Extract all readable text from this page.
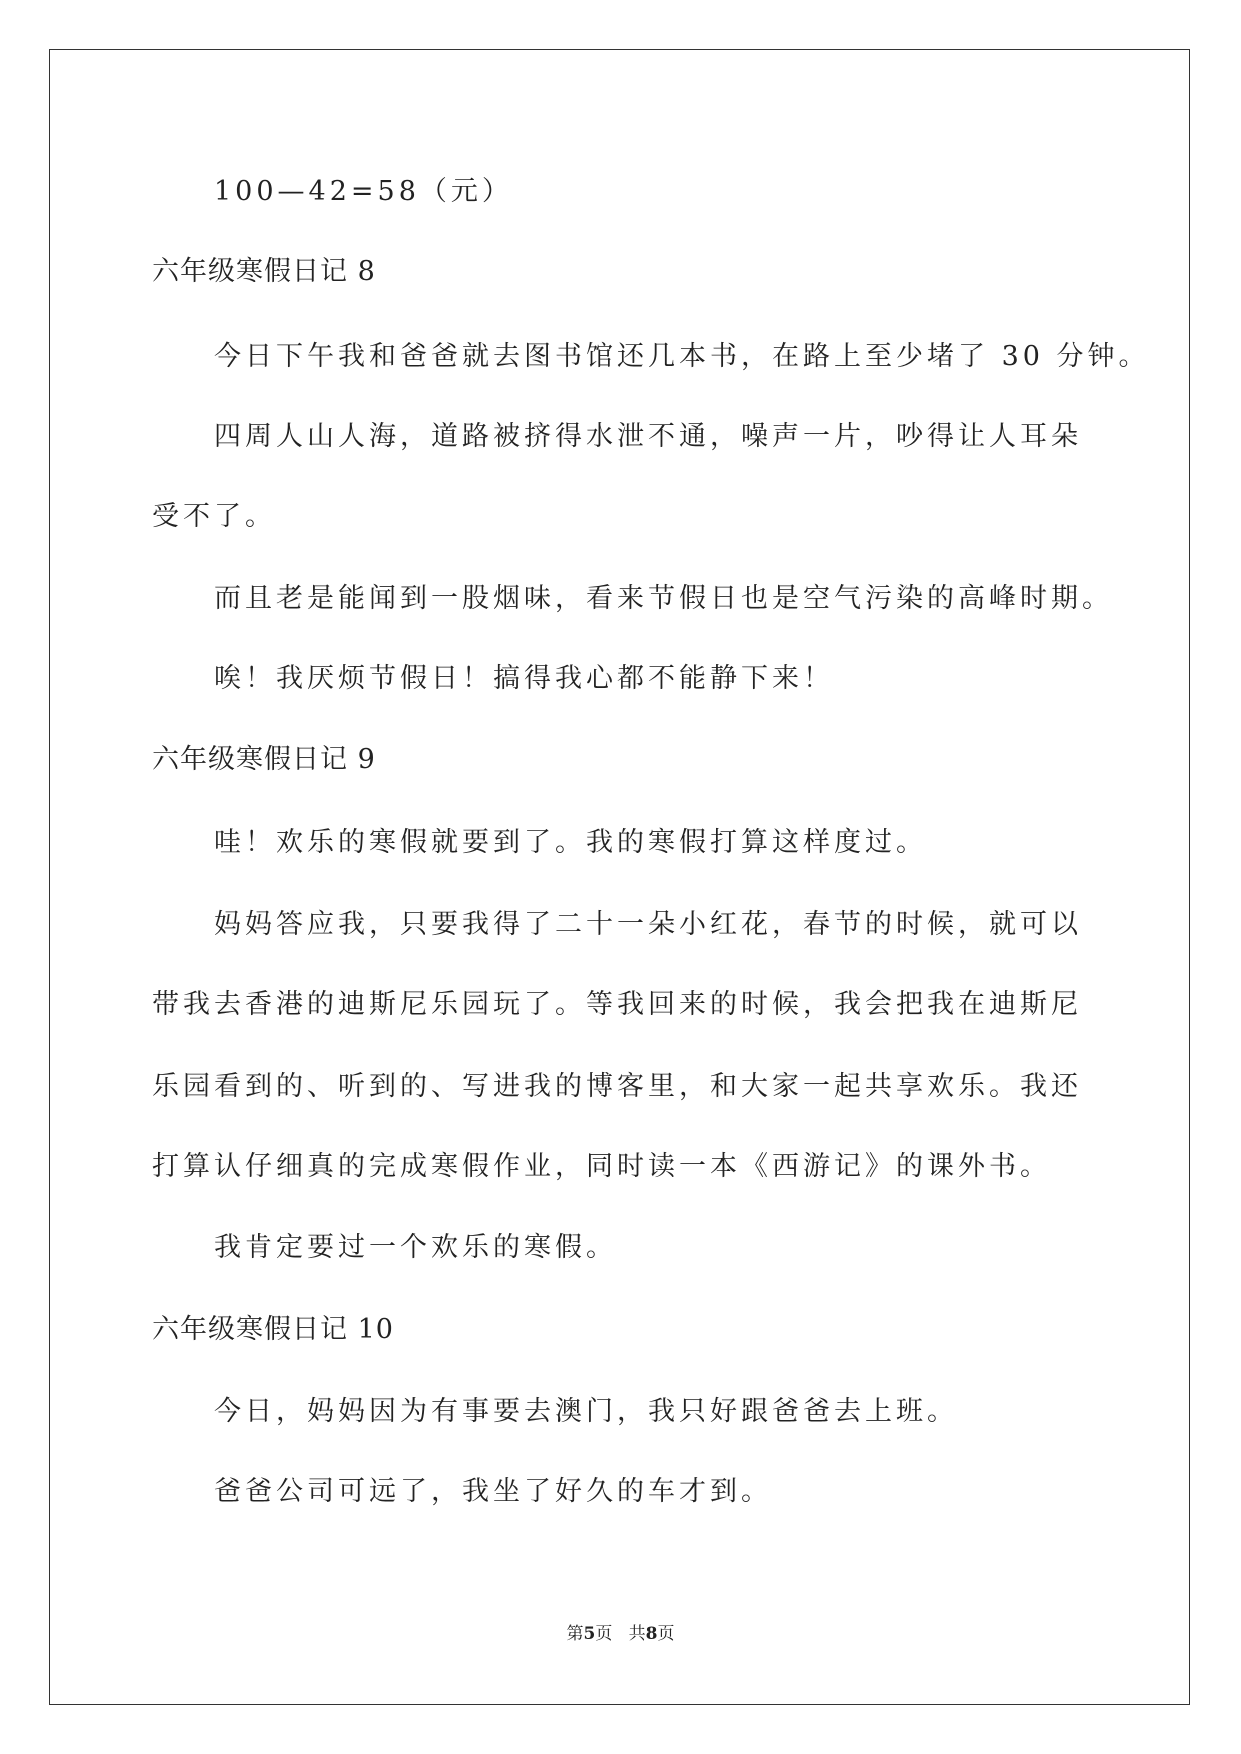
100—42=58（元）
六年级寒假日记 8
今日下午我和爸爸就去图书馆还几本书，在路上至少堵了 30 分钟。
四周人山人海，道路被挤得水泄不通，噪声一片，吵得让人耳朵
受不了。
而且老是能闻到一股烟味，看来节假日也是空气污染的高峰时期。
唉！我厌烦节假日！搞得我心都不能静下来！
六年级寒假日记 9
哇！欢乐的寒假就要到了。我的寒假打算这样度过。
妈妈答应我，只要我得了二十一朵小红花，春节的时候，就可以
带我去香港的迪斯尼乐园玩了。等我回来的时候，我会把我在迪斯尼
乐园看到的、听到的、写进我的博客里，和大家一起共享欢乐。我还
打算认仔细真的完成寒假作业，同时读一本《西游记》的课外书。
我肯定要过一个欢乐的寒假。
六年级寒假日记 10
今日，妈妈因为有事要去澳门，我只好跟爸爸去上班。
爸爸公司可远了，我坐了好久的车才到。
第5页 共8页
